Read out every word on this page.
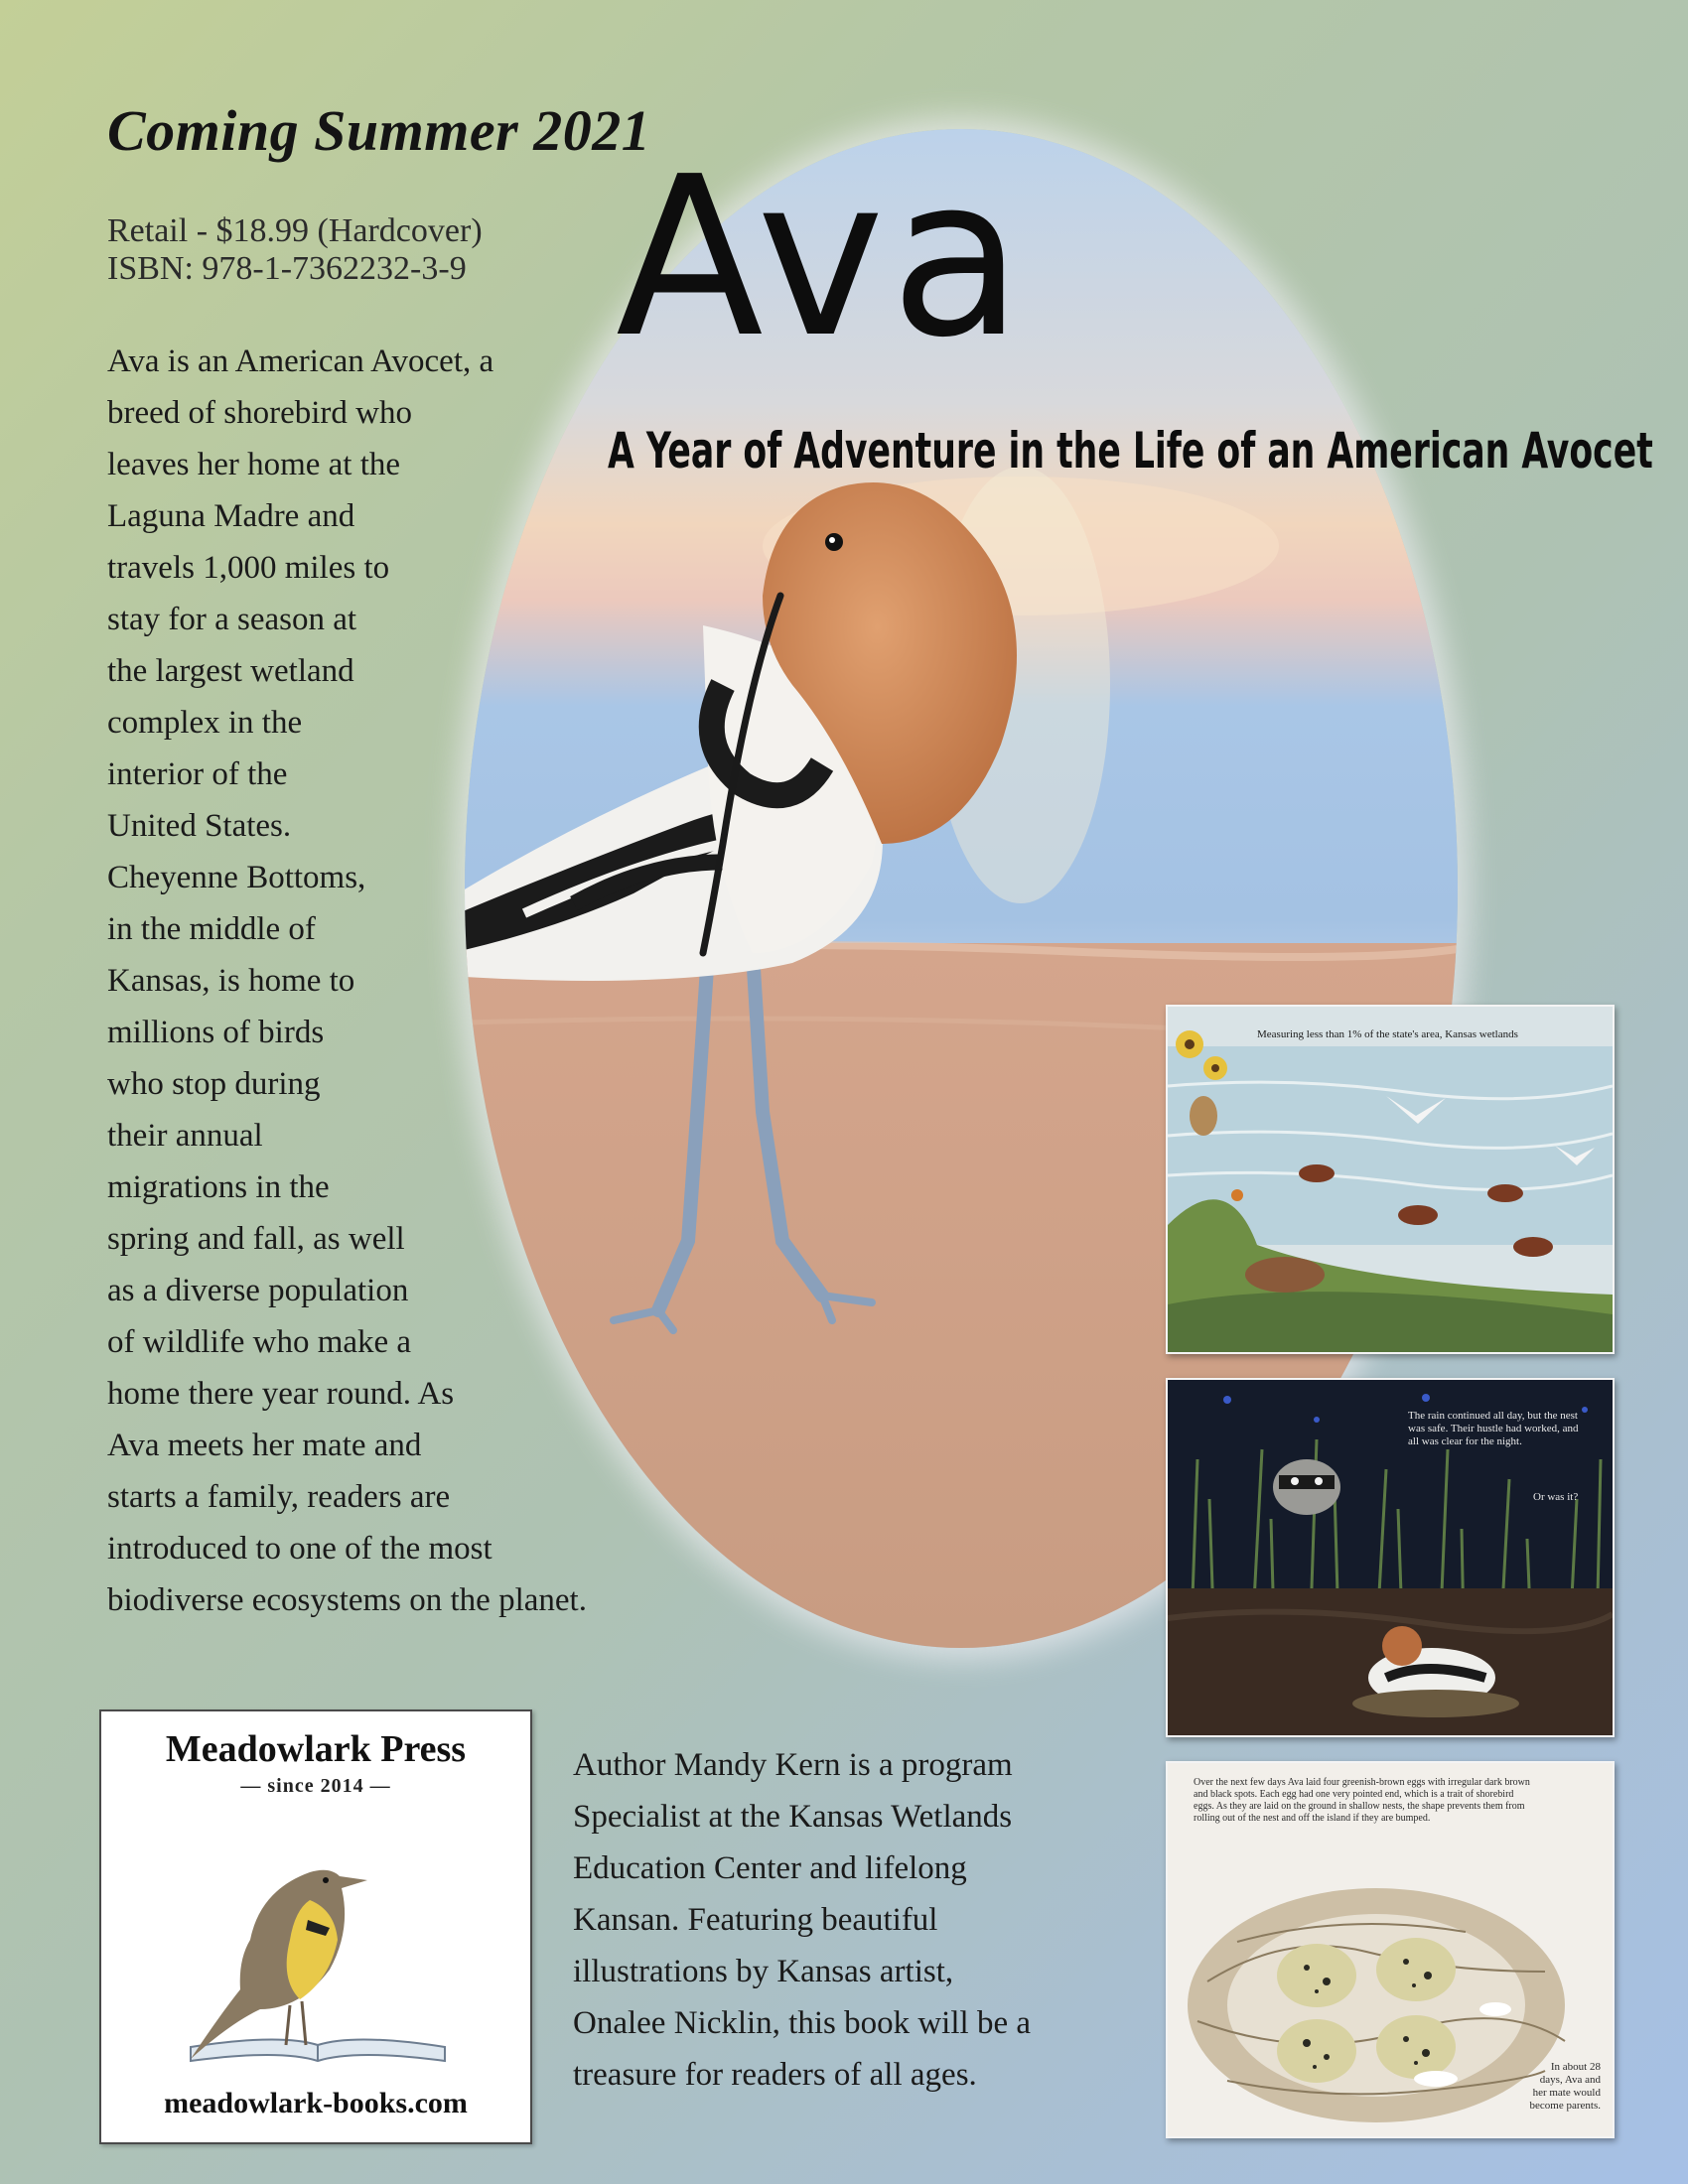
Coming Summer 2021
Retail - $18.99 (Hardcover)
ISBN: 978-1-7362232-3-9 Ava
A Year of Adventure in the Life of an American Avocet

Ava is an American Avocet, a
breed of shorebird who
leaves her home at the
Laguna Madre and
travels 1,000 miles to
stay for a season at
the largest wetland
complex in the
interior of the
United States.
Cheyenne Bottoms,
in the middle of
Kansas, is home to
millions of birds
who stop during
their annual
migrations in the
spring and fall, as well
as a diverse population
of wildlife who make a
home there year round. As
Ava meets her mate and
starts a family, readers are
introduced to one of the most
biodiverse ecosystems on the planet.

Meadowlark Press
— since 2014 —
meadowlark-books.com

Author Mandy Kern is a program
Specialist at the Kansas Wetlands
Education Center and lifelong
Kansan. Featuring beautiful
illustrations by Kansas artist,
Onalee Nicklin, this book will be a
treasure for readers of all ages.

Measuring less than 1% of the state's area, Kansas wetlands
The rain continued all day, but the nest
was safe. Their hustle had worked, and
all was clear for the night.
Or was it?
Over the next few days Ava laid four greenish-brown eggs with irregular dark brown
and black spots. Each egg had one very pointed end, which is a trait of shorebird
eggs. As they are laid on the ground in shallow nests, the shape prevents them from
rolling out of the nest and off the island if they are bumped.
In about 28
days, Ava and
her mate would
become parents.
